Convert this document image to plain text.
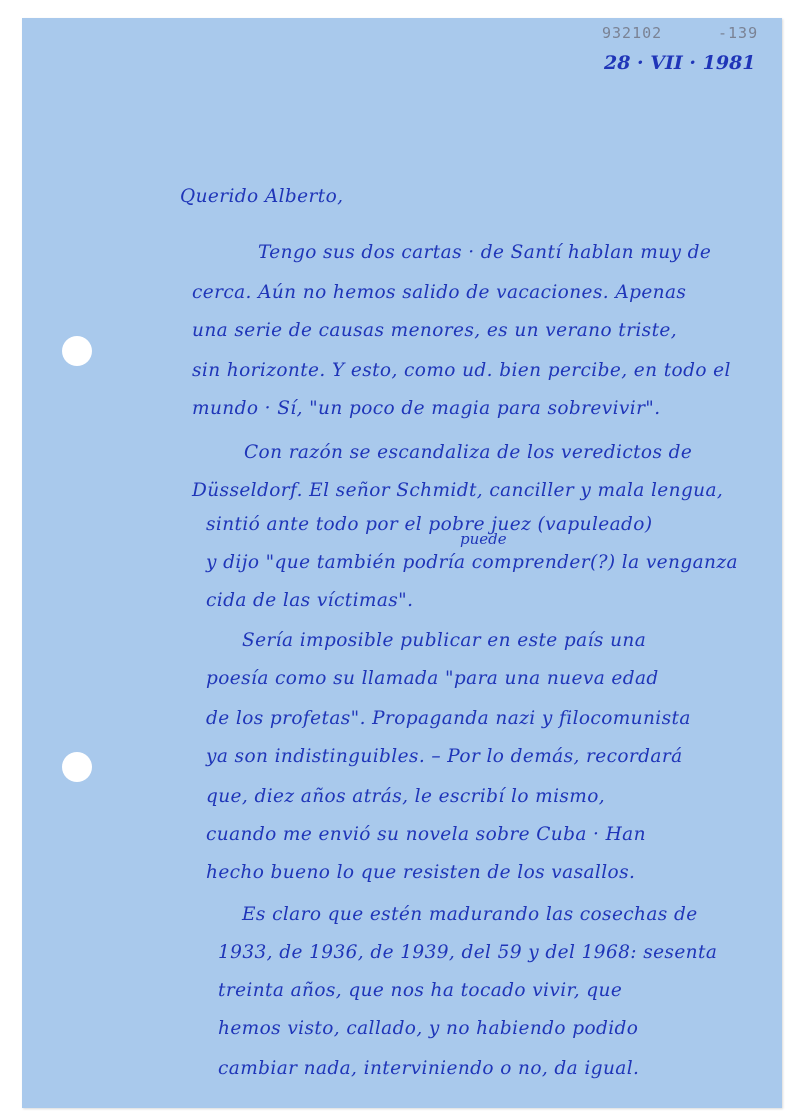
932102	-139
28 · VII · 1981
Querido Alberto,
Tengo sus dos cartas · de Santí hablan muy de
cerca. Aún no hemos salido de vacaciones. Apenas
una serie de causas menores, es un verano triste,
sin horizonte. Y esto, como ud. bien percibe, en todo el
mundo · Sí, "un poco de magia para sobrevivir".
Con razón se escandaliza de los veredictos de
Düsseldorf. El señor Schmidt, canciller y mala lengua,
sintió ante todo por el pobre juez (vapuleado)
puede
y dijo "que también podría comprender(?) la venganza
cida de las víctimas".
Sería imposible publicar en este país una
poesía como su llamada "para una nueva edad
de los profetas". Propaganda nazi y filocomunista
ya son indistinguibles. – Por lo demás, recordará
que, diez años atrás, le escribí lo mismo,
cuando me envió su novela sobre Cuba · Han
hecho bueno lo que resisten de los vasallos.
Es claro que estén madurando las cosechas de
1933, de 1936, de 1939, del 59 y del 1968: sesenta
treinta años, que nos ha tocado vivir, que
hemos visto, callado, y no habiendo podido
cambiar nada, interviniendo o no, da igual.
